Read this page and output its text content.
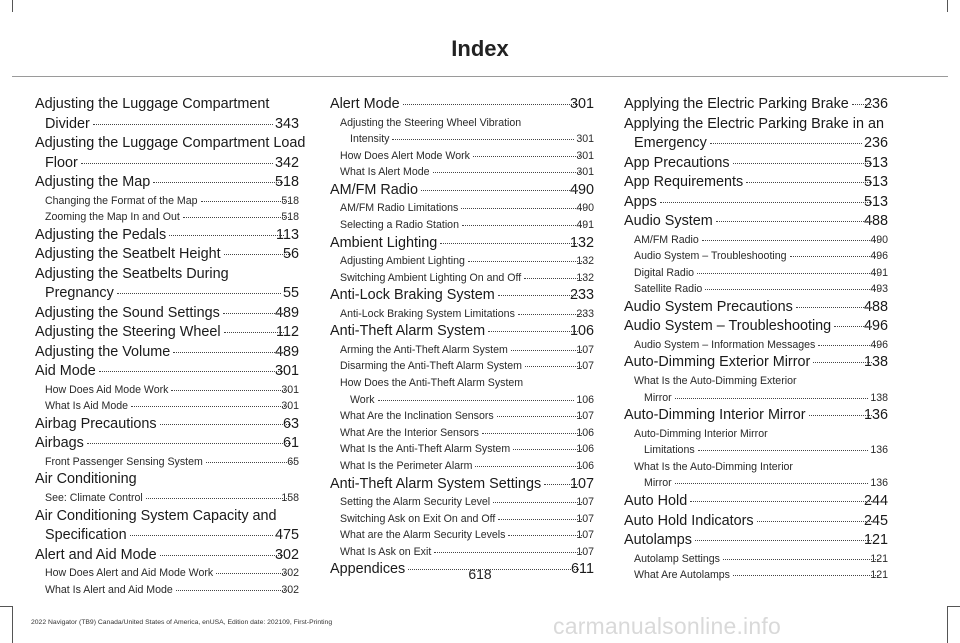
Index
Adjusting the Luggage Compartment
Divider	343
Adjusting the Luggage Compartment Load
Floor	342
Adjusting the Map	518
Changing the Format of the Map	518
Zooming the Map In and Out	518
Adjusting the Pedals	113
Adjusting the Seatbelt Height	56
Adjusting the Seatbelts During
Pregnancy	55
Adjusting the Sound Settings	489
Adjusting the Steering Wheel	112
Adjusting the Volume	489
Aid Mode	301
How Does Aid Mode Work	301
What Is Aid Mode	301
Airbag Precautions	63
Airbags	61
Front Passenger Sensing System	65
Air Conditioning
See: Climate Control	158
Air Conditioning System Capacity and
Specification	475
Alert and Aid Mode	302
How Does Alert and Aid Mode Work	302
What Is Alert and Aid Mode	302
Alert Mode	301
Adjusting the Steering Wheel Vibration
Intensity	301
How Does Alert Mode Work	301
What Is Alert Mode	301
AM/FM Radio	490
AM/FM Radio Limitations	490
Selecting a Radio Station	491
Ambient Lighting	132
Adjusting Ambient Lighting	132
Switching Ambient Lighting On and Off	132
Anti-Lock Braking System	233
Anti-Lock Braking System Limitations	233
Anti-Theft Alarm System	106
Arming the Anti-Theft Alarm System	107
Disarming the Anti-Theft Alarm System	107
How Does the Anti-Theft Alarm System
Work	106
What Are the Inclination Sensors	107
What Are the Interior Sensors	106
What Is the Anti-Theft Alarm System	106
What Is the Perimeter Alarm	106
Anti-Theft Alarm System Settings 107
Setting the Alarm Security Level	107
Switching Ask on Exit On and Off	107
What are the Alarm Security Levels	107
What Is Ask on Exit	107
Appendices	611
Applying the Electric Parking Brake 236
Applying the Electric Parking Brake in an
Emergency	236
App Precautions	513
App Requirements	513
Apps	513
Audio System	488
AM/FM Radio	490
Audio System – Troubleshooting	496
Digital Radio	491
Satellite Radio	493
Audio System Precautions	488
Audio System – Troubleshooting 496
Audio System – Information Messages	496
Auto-Dimming Exterior Mirror	138
What Is the Auto-Dimming Exterior
Mirror	138
Auto-Dimming Interior Mirror	136
Auto-Dimming Interior Mirror
Limitations	136
What Is the Auto-Dimming Interior
Mirror	136
Auto Hold	244
Auto Hold Indicators	245
Autolamps	121
Autolamp Settings	121
What Are Autolamps	121
618
2022 Navigator (TB9) Canada/United States of America, enUSA, Edition date: 202109, First-Printing	carmanualsonline.info
